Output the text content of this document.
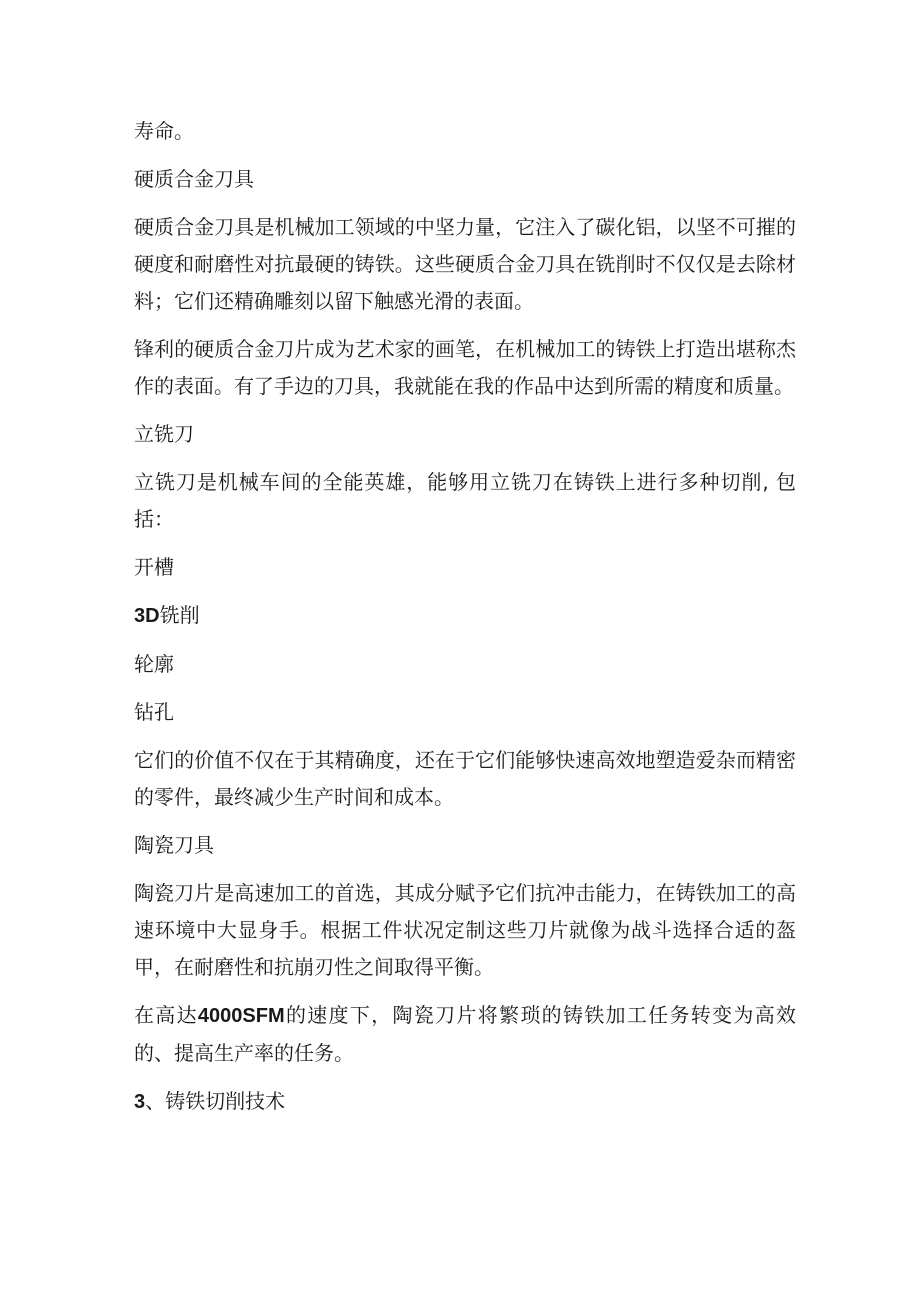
寿命。

硬质合金刀具

硬质合金刀具是机械加工领域的中坚力量，它注入了碳化铝，以坚不可摧的硬度和耐磨性对抗最硬的铸铁。这些硬质合金刀具在铣削时不仅仅是去除材料；它们还精确雕刻以留下触感光滑的表面。

锋利的硬质合金刀片成为艺术家的画笔，在机械加工的铸铁上打造出堪称杰作的表面。有了手边的刀具，我就能在我的作品中达到所需的精度和质量。

立铣刀

立铣刀是机械车间的全能英雄，能够用立铣刀在铸铁上进行多种切削, 包括：

开槽

3D铣削

轮廓

钻孔

它们的价值不仅在于其精确度，还在于它们能够快速高效地塑造爱杂而精密的零件，最终减少生产时间和成本。

陶瓷刀具

陶瓷刀片是高速加工的首选，其成分赋予它们抗冲击能力，在铸铁加工的高速环境中大显身手。根据工件状况定制这些刀片就像为战斗选择合适的盔甲，在耐磨性和抗崩刃性之间取得平衡。

在高达4000SFM的速度下，陶瓷刀片将繁琐的铸铁加工任务转变为高效的、提高生产率的任务。

3、铸铁切削技术
